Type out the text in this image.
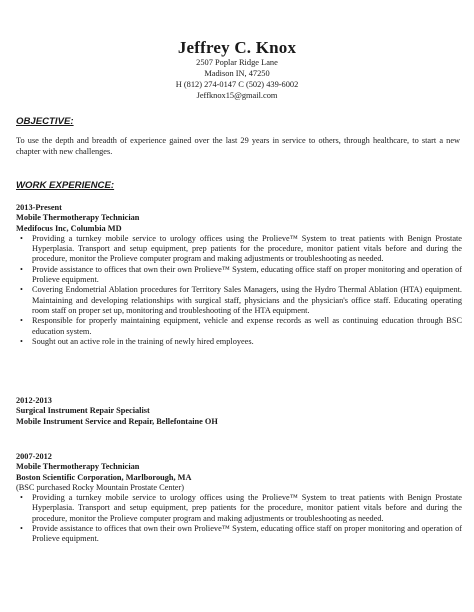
Jeffrey C. Knox
2507 Poplar Ridge Lane
Madison IN, 47250
H (812) 274-0147 C (502) 439-6002
Jeffknox15@gmail.com
OBJECTIVE:
To use the depth and breadth of experience gained over the last 29 years in service to others, through healthcare, to start a new chapter with new challenges.
WORK EXPERIENCE:
2013-Present
Mobile Thermotherapy Technician
Medifocus Inc, Columbia MD
• Providing a turnkey mobile service to urology offices using the Prolieve™ System to treat patients with Benign Prostate Hyperplasia. Transport and setup equipment, prep patients for the procedure, monitor patient vitals before and during the procedure, monitor the Prolieve computer program and making adjustments or troubleshooting as needed.
• Provide assistance to offices that own their own Prolieve™ System, educating office staff on proper monitoring and operation of Prolieve equipment.
• Covering Endometrial Ablation procedures for Territory Sales Managers, using the Hydro Thermal Ablation (HTA) equipment. Maintaining and developing relationships with surgical staff, physicians and the physician's office staff. Educating operating room staff on proper set up, monitoring and troubleshooting of the HTA equipment.
• Responsible for properly maintaining equipment, vehicle and expense records as well as continuing education through BSC education system.
• Sought out an active role in the training of newly hired employees.
2012-2013
Surgical Instrument Repair Specialist
Mobile Instrument Service and Repair, Bellefontaine OH
2007-2012
Mobile Thermotherapy Technician
Boston Scientific Corporation, Marlborough, MA
(BSC purchased Rocky Mountain Prostate Center)
• Providing a turnkey mobile service to urology offices using the Prolieve™ System to treat patients with Benign Prostate Hyperplasia. Transport and setup equipment, prep patients for the procedure, monitor patient vitals before and during the procedure, monitor the Prolieve computer program and making adjustments or troubleshooting as needed.
• Provide assistance to offices that own their own Prolieve™ System, educating office staff on proper monitoring and operation of Prolieve equipment.
